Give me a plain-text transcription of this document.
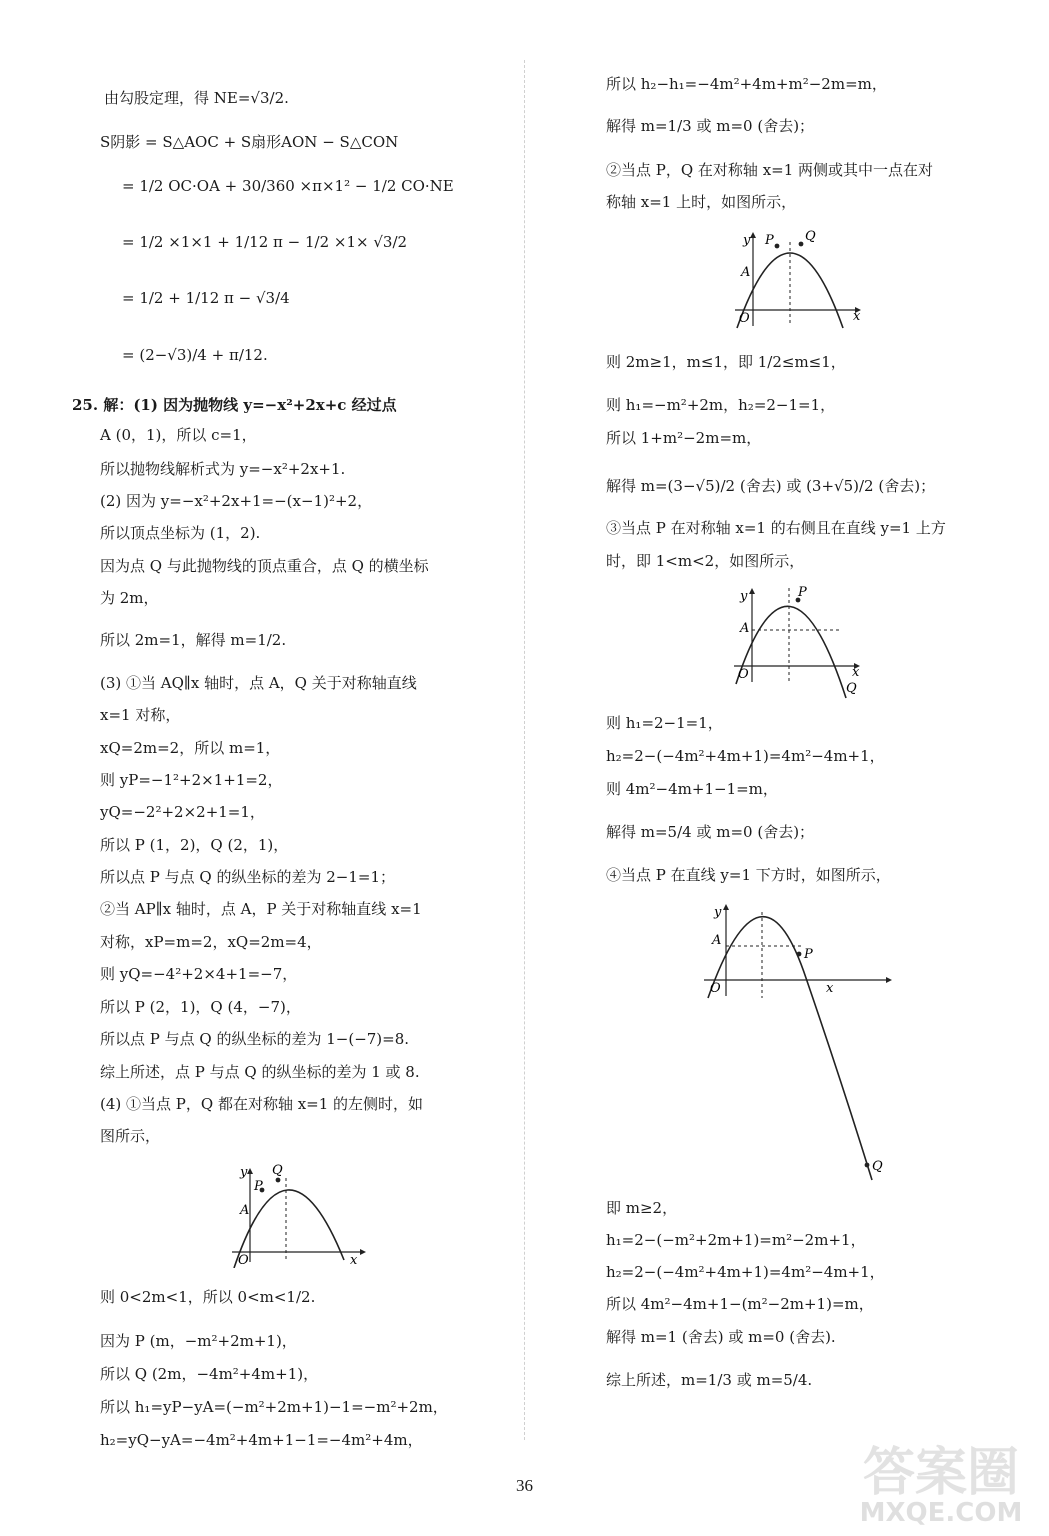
由勾股定理，得 NE=√3/2.
S阴影 = S△AOC + S扇形AON − S△CON
= 1/2 OC·OA + 30/360 ×π×1² − 1/2 CO·NE
= 1/2 ×1×1 + 1/12 π − 1/2 ×1× √3/2
= 1/2 + 1/12 π − √3/4
= (2−√3)/4 + π/12.
25. 解：(1) 因为抛物线 y=−x²+2x+c 经过点
A (0，1)，所以 c=1，
所以抛物线解析式为 y=−x²+2x+1.
(2) 因为 y=−x²+2x+1=−(x−1)²+2，
所以顶点坐标为 (1，2).
因为点 Q 与此抛物线的顶点重合，点 Q 的横坐标
为 2m，
所以 2m=1，解得 m=1/2.
(3) ①当 AQ∥x 轴时，点 A，Q 关于对称轴直线
x=1 对称，
xQ=2m=2，所以 m=1，
则 yP=−1²+2×1+1=2，
yQ=−2²+2×2+1=1，
所以 P (1，2)，Q (2，1)，
所以点 P 与点 Q 的纵坐标的差为 2−1=1；
②当 AP∥x 轴时，点 A，P 关于对称轴直线 x=1
对称，xP=m=2，xQ=2m=4，
则 yQ=−4²+2×4+1=−7，
所以 P (2，1)，Q (4，−7)，
所以点 P 与点 Q 的纵坐标的差为 1−(−7)=8.
综上所述，点 P 与点 Q 的纵坐标的差为 1 或 8.
(4) ①当点 P，Q 都在对称轴 x=1 的左侧时，如
图所示，
y
x
O
A
P
Q
则 0<2m<1，所以 0<m<1/2.
因为 P (m，−m²+2m+1)，
所以 Q (2m，−4m²+4m+1)，
所以 h₁=yP−yA=(−m²+2m+1)−1=−m²+2m，
h₂=yQ−yA=−4m²+4m+1−1=−4m²+4m，
所以 h₂−h₁=−4m²+4m+m²−2m=m，
解得 m=1/3 或 m=0 (舍去)；
②当点 P，Q 在对称轴 x=1 两侧或其中一点在对
称轴 x=1 上时，如图所示，
y
x
O
A
P Q
则 2m≥1，m≤1，即 1/2≤m≤1，
则 h₁=−m²+2m，h₂=2−1=1，
所以 1+m²−2m=m，
解得 m=(3−√5)/2 (舍去) 或 (3+√5)/2 (舍去)；
③当点 P 在对称轴 x=1 的右侧且在直线 y=1 上方
时，即 1<m<2，如图所示，
y
x
O
A
P
Q
则 h₁=2−1=1，
h₂=2−(−4m²+4m+1)=4m²−4m+1，
则 4m²−4m+1−1=m，
解得 m=5/4 或 m=0 (舍去)；
④当点 P 在直线 y=1 下方时，如图所示，
y
x
O
A
P
Q
即 m≥2，
h₁=2−(−m²+2m+1)=m²−2m+1，
h₂=2−(−4m²+4m+1)=4m²−4m+1，
所以 4m²−4m+1−(m²−2m+1)=m，
解得 m=1 (舍去) 或 m=0 (舍去).
综上所述，m=1/3 或 m=5/4.
36	答案圈
MXQE.COM
